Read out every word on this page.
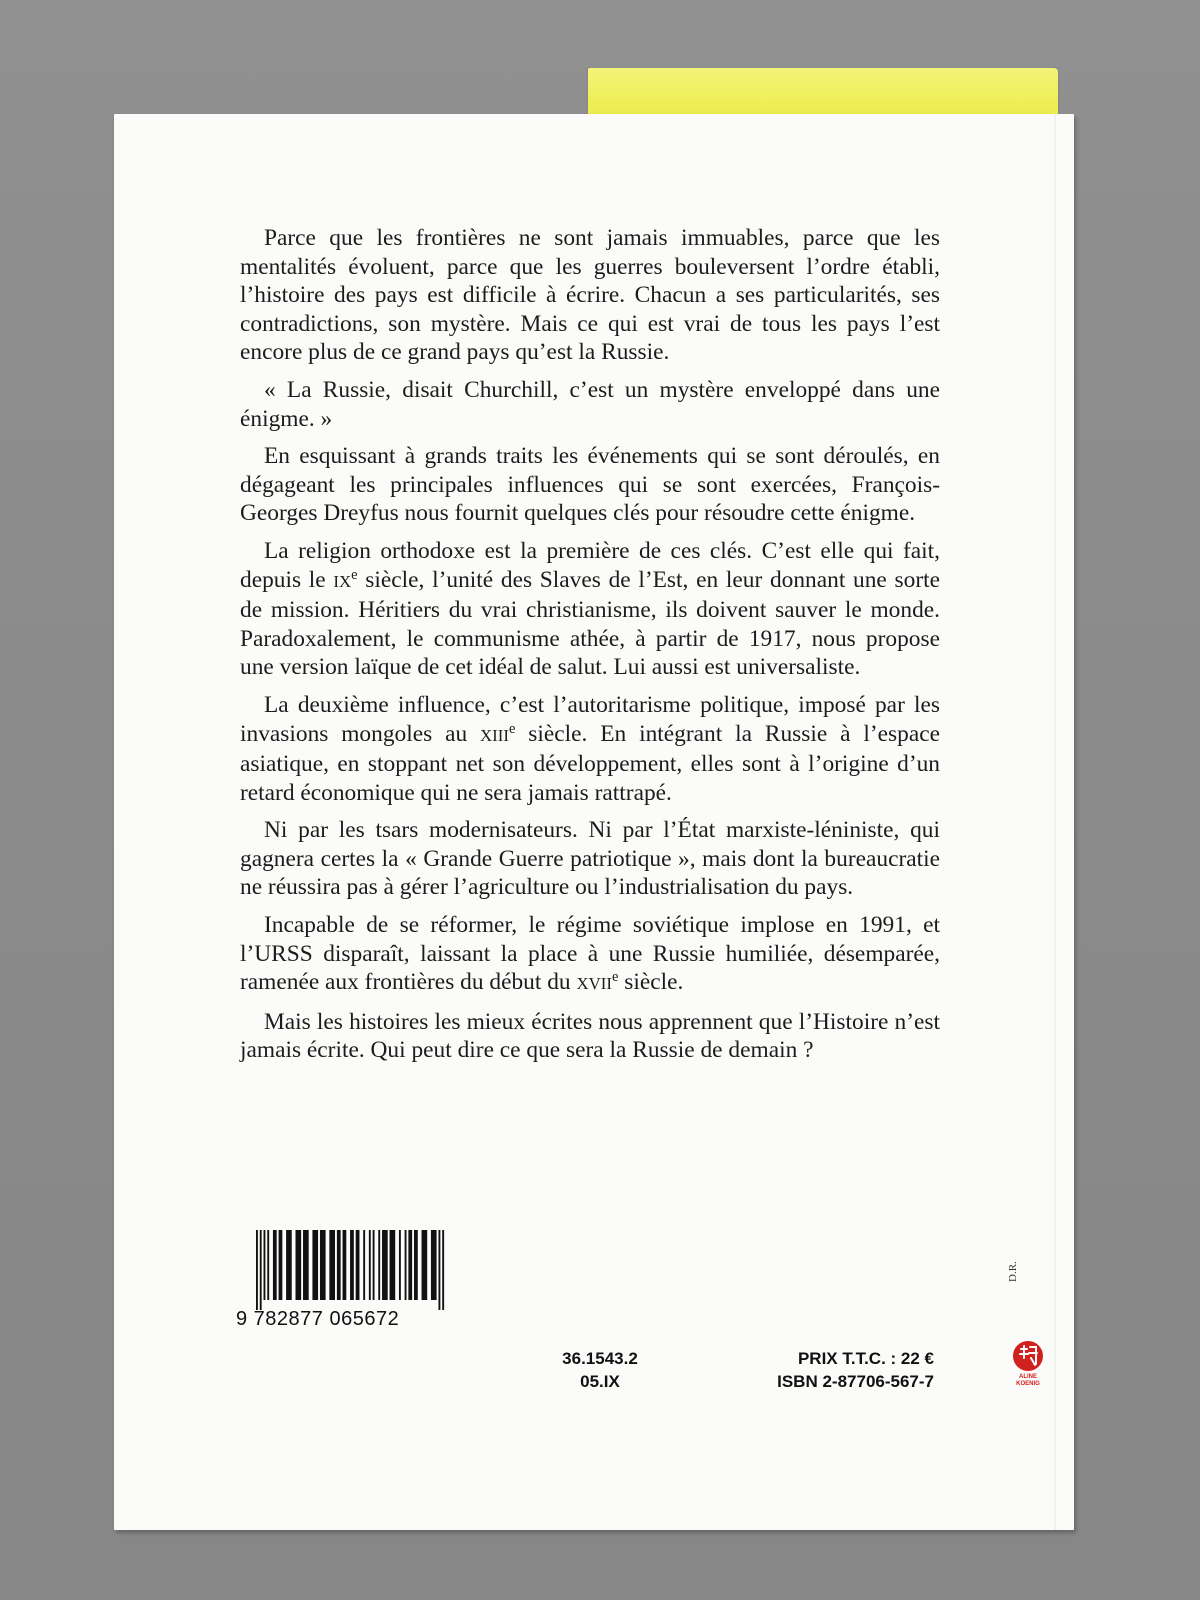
Parce que les frontières ne sont jamais immuables, parce que les mentalités évoluent, parce que les guerres bouleversent l’ordre établi, l’histoire des pays est difficile à écrire. Chacun a ses particularités, ses contradictions, son mystère. Mais ce qui est vrai de tous les pays l’est encore plus de ce grand pays qu’est la Russie.

« La Russie, disait Churchill, c’est un mystère enveloppé dans une énigme. »

En esquissant à grands traits les événements qui se sont déroulés, en dégageant les principales influences qui se sont exercées, François-Georges Dreyfus nous fournit quelques clés pour résoudre cette énigme.

La religion orthodoxe est la première de ces clés. C’est elle qui fait, depuis le IXe siècle, l’unité des Slaves de l’Est, en leur donnant une sorte de mission. Héritiers du vrai christianisme, ils doivent sauver le monde. Paradoxalement, le communisme athée, à partir de 1917, nous propose une version laïque de cet idéal de salut. Lui aussi est universaliste.

La deuxième influence, c’est l’autoritarisme politique, imposé par les invasions mongoles au XIIIe siècle. En intégrant la Russie à l’espace asiatique, en stoppant net son développement, elles sont à l’origine d’un retard économique qui ne sera jamais rattrapé.

Ni par les tsars modernisateurs. Ni par l’État marxiste-léniniste, qui gagnera certes la « Grande Guerre patriotique », mais dont la bureaucratie ne réussira pas à gérer l’agriculture ou l’industrialisation du pays.

Incapable de se réformer, le régime soviétique implose en 1991, et l’URSS disparaît, laissant la place à une Russie humiliée, désemparée, ramenée aux frontières du début du XVIIe siècle.

Mais les histoires les mieux écrites nous apprennent que l’Histoire n’est jamais écrite. Qui peut dire ce que sera la Russie de demain ?

9 782877 065672
36.1543.2
05.IX
PRIX T.T.C. : 22 €
ISBN 2-87706-567-7
D.R.
ALINE
KOENIG
